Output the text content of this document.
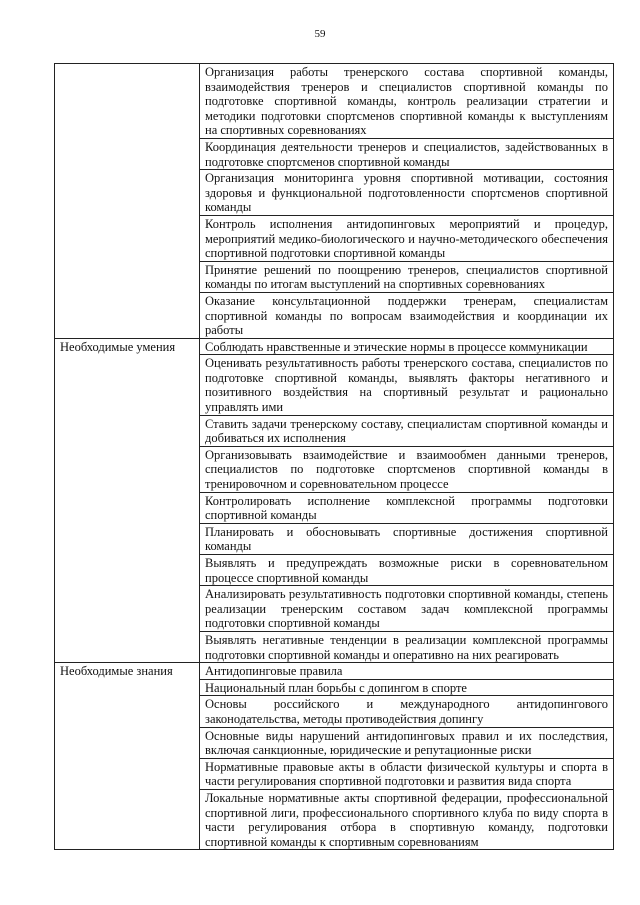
59
	Организация работы тренерского состава спортивной команды, взаимодействия тренеров и специалистов спортивной команды по подготовке спортивной команды, контроль реализации стратегии и методики подготовки спортсменов спортивной команды к выступлениям на спортивных соревнованиях
	Координация деятельности тренеров и специалистов, задействованных в подготовке спортсменов спортивной команды
	Организация мониторинга уровня спортивной мотивации, состояния здоровья и функциональной подготовленности спортсменов спортивной команды
	Контроль исполнения антидопинговых мероприятий и процедур, мероприятий медико-биологического и научно-методического обеспечения спортивной подготовки спортивной команды
	Принятие решений по поощрению тренеров, специалистов спортивной команды по итогам выступлений на спортивных соревнованиях
	Оказание консультационной поддержки тренерам, специалистам спортивной команды по вопросам взаимодействия и координации их работы
Необходимые умения	Соблюдать нравственные и этические нормы в процессе коммуникации
	Оценивать результативность работы тренерского состава, специалистов по подготовке спортивной команды, выявлять факторы негативного и позитивного воздействия на спортивный результат и рационально управлять ими
	Ставить задачи тренерскому составу, специалистам спортивной команды и добиваться их исполнения
	Организовывать взаимодействие и взаимообмен данными тренеров, специалистов по подготовке спортсменов спортивной команды в тренировочном и соревновательном процессе
	Контролировать исполнение комплексной программы подготовки спортивной команды
	Планировать и обосновывать спортивные достижения спортивной команды
	Выявлять и предупреждать возможные риски в соревновательном процессе спортивной команды
	Анализировать результативность подготовки спортивной команды, степень реализации тренерским составом задач комплексной программы подготовки спортивной команды
	Выявлять негативные тенденции в реализации комплексной программы подготовки спортивной команды и оперативно на них реагировать
Необходимые знания	Антидопинговые правила
	Национальный план борьбы с допингом в спорте
	Основы российского и международного антидопингового законодательства, методы противодействия допингу
	Основные виды нарушений антидопинговых правил и их последствия, включая санкционные, юридические и репутационные риски
	Нормативные правовые акты в области физической культуры и спорта в части регулирования спортивной подготовки и развития вида спорта
	Локальные нормативные акты спортивной федерации, профессиональной спортивной лиги, профессионального спортивного клуба по виду спорта в части регулирования отбора в спортивную команду, подготовки спортивной команды к спортивным соревнованиям
